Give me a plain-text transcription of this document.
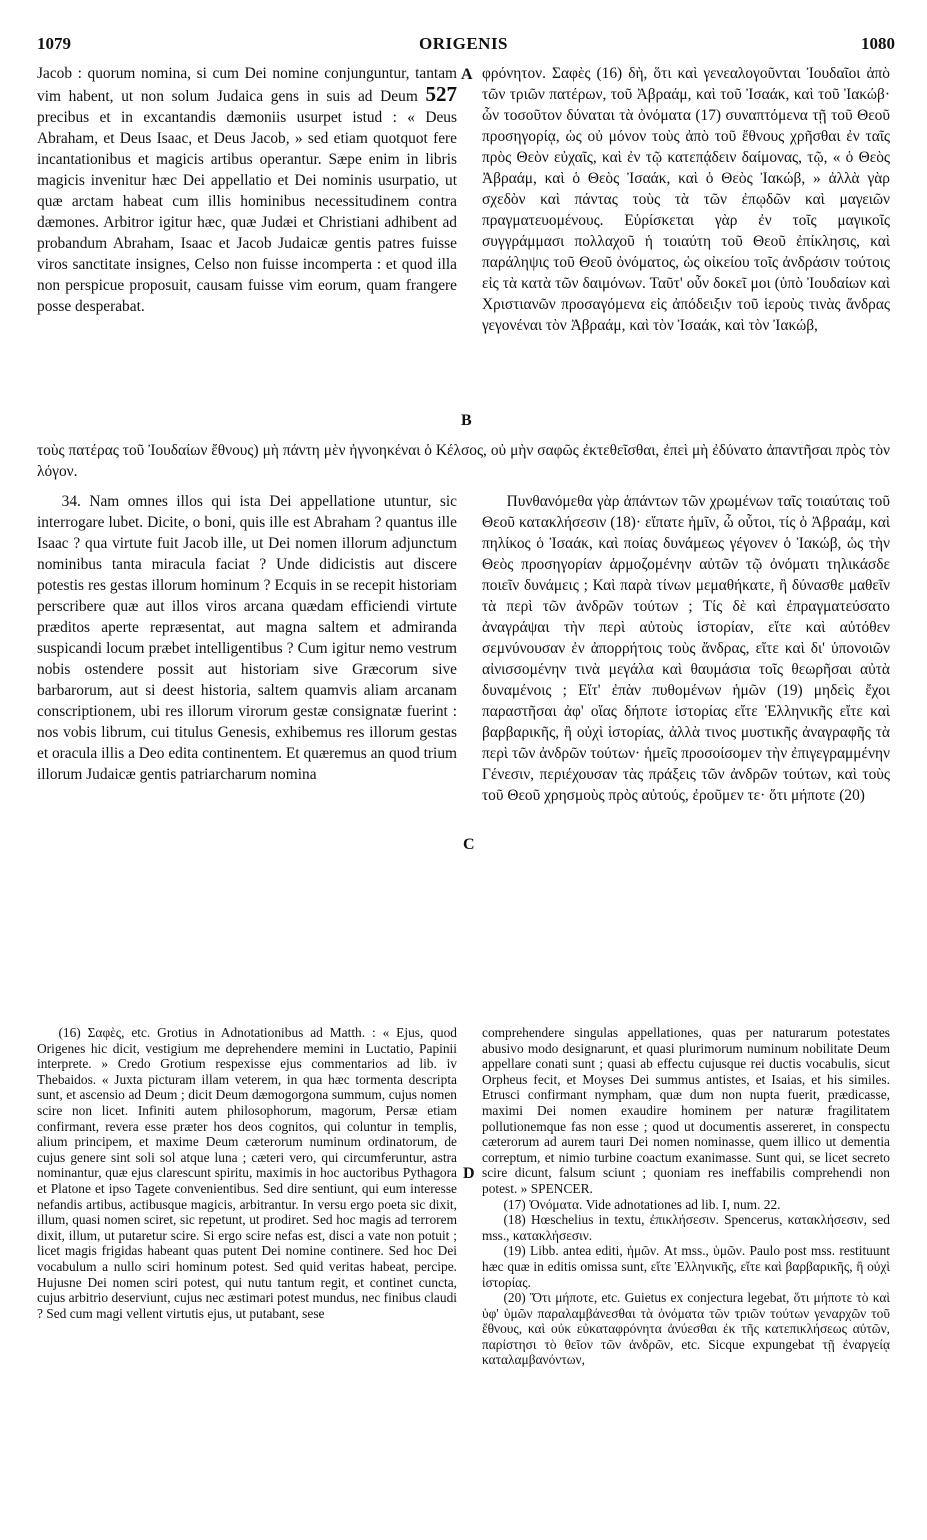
ORIGENIS
1079	1080

Jacob : quorum nomina, si cum Dei nomine conjunguntur, tantam vim habent, ut non solum Judaica gens in suis ad Deum 527 precibus et in excantandis dæmoniis usurpet istud : « Deus Abraham, et Deus Isaac, et Deus Jacob, » sed etiam quotquot fere incantationibus et magicis artibus operantur. Sæpe enim in libris magicis invenitur hæc Dei appellatio et Dei nominis usurpatio, ut quæ arctam habeat cum illis hominibus necessitudinem contra dæmones. Arbitror igitur hæc, quæ Judæi et Christiani adhibent ad probandum Abraham, Isaac et Jacob Judaicæ gentis patres fuisse viros sanctitate insignes, Celso non fuisse incomperta : et quod illa non perspicue proposuit, causam fuisse vim eorum, quam frangere posse desperabat.

A φρόνητον. Σαφὲς (16) δὴ, ὅτι καὶ γενεαλογοῦνται Ἰουδαῖοι ἀπὸ τῶν τριῶν πατέρων, τοῦ Ἀβραάμ, καὶ τοῦ Ἰσαάκ, καὶ τοῦ Ἰακώβ· ὧν τοσοῦτον δύναται τὰ ὀνόματα (17) συναπτόμενα τῇ τοῦ Θεοῦ προσηγορίᾳ, ὡς οὐ μόνον τοὺς ἀπὸ τοῦ ἔθνους χρῆσθαι ἐν ταῖς πρὸς Θεὸν εὐχαῖς, καὶ ἐν τῷ κατεπᾴδειν δαίμονας, τῷ, « ὁ Θεὸς Ἀβραάμ, καὶ ὁ Θεὸς Ἰσαάκ, καὶ ὁ Θεὸς Ἰακώβ, » ἀλλὰ γὰρ σχεδὸν καὶ πάντας τοὺς τὰ τῶν ἐπῳδῶν καὶ μαγειῶν πραγματευομένους. Εὑρίσκεται γὰρ ἐν τοῖς μαγικοῖς συγγράμμασι πολλαχοῦ ἡ τοιαύτη τοῦ Θεοῦ ἐπίκλησις, καὶ παράληψις τοῦ Θεοῦ ὀνόματος, ὡς οἰκείου τοῖς ἀνδράσιν τούτοις εἰς τὰ κατὰ τῶν δαιμόνων. Ταῦτ' οὖν δοκεῖ μοι (ὑπὸ Ἰουδαίων καὶ Χριστιανῶν προσαγόμενα εἰς ἀπόδειξιν τοῦ ἱεροὺς τινὰς ἄνδρας γεγονέναι τὸν Ἀβραάμ, καὶ τὸν Ἰσαάκ, καὶ τὸν Ἰακώβ,

B

τοὺς πατέρας τοῦ Ἰουδαίων ἔθνους) μὴ πάντη μὲν ἠγνοηκέναι ὁ Κέλσος, οὐ μὴν σαφῶς ἐκτεθεῖσθαι, ἐπεὶ μὴ ἐδύνατο ἀπαντῆσαι πρὸς τὸν λόγον.

34. Nam omnes illos qui ista Dei appellatione utuntur, sic interrogare lubet. Dicite, o boni, quis ille est Abraham ? quantus ille Isaac ? qua virtute fuit Jacob ille, ut Dei nomen illorum adjunctum nominibus tanta miracula faciat ? Unde didicistis aut discere potestis res gestas illorum hominum ? Ecquis in se recepit historiam perscribere quæ aut illos viros arcana quædam efficiendi virtute præditos aperte repræsentat, aut magna saltem et admiranda suspicandi locum præbet intelligentibus ? Cum igitur nemo vestrum nobis ostendere possit aut historiam sive Græcorum sive barbarorum, aut si deest historia, saltem quamvis aliam arcanam conscriptionem, ubi res illorum virorum gestæ consignatæ fuerint : nos vobis librum, cui titulus Genesis, exhibemus res illorum gestas et oracula illis a Deo edita continentem. Et quæremus an quod trium illorum Judaicæ gentis patriarcharum nomina

C

Πυνθανόμεθα γὰρ ἁπάντων τῶν χρωμένων ταῖς τοιαύταις τοῦ Θεοῦ κατακλήσεσιν (18)· εἴπατε ἡμῖν, ὦ οὗτοι, τίς ὁ Ἀβραάμ, καὶ πηλίκος ὁ Ἰσαάκ, καὶ ποίας δυνάμεως γέγονεν ὁ Ἰακώβ, ὡς τὴν Θεὸς προσηγορίαν ἁρμοζομένην αὐτῶν τῷ ὀνόματι τηλικάσδε ποιεῖν δυνάμεις ; Καὶ παρὰ τίνων μεμαθήκατε, ἢ δύνασθε μαθεῖν τὰ περὶ τῶν ἀνδρῶν τούτων ; Τίς δὲ καὶ ἐπραγματεύσατο ἀναγράψαι τὴν περὶ αὐτοὺς ἱστορίαν, εἴτε καὶ αὐτόθεν σεμνύνουσαν ἐν ἀπορρήτοις τοὺς ἄνδρας, εἴτε καὶ δι' ὑπονοιῶν αἰνισσομένην τινὰ μεγάλα καὶ θαυμάσια τοῖς θεωρῆσαι αὐτὰ δυναμένοις ; Εἴτ' ἐπὰν πυθομένων ἡμῶν (19) μηδεὶς ἔχοι παραστῆσαι ἀφ' οἵας δήποτε ἱστορίας εἴτε Ἑλληνικῆς εἴτε καὶ βαρβαρικῆς, ἢ οὐχὶ ἱστορίας, ἀλλὰ τινος μυστικῆς ἀναγραφῆς τὰ περὶ τῶν ἀνδρῶν τούτων· ἡμεῖς προσοίσομεν τὴν ἐπιγεγραμμένην Γένεσιν, περιέχουσαν τὰς πράξεις τῶν ἀνδρῶν τούτων, καὶ τοὺς τοῦ Θεοῦ χρησμοὺς πρὸς αὐτούς, ἐροῦμεν τε· ὅτι μήποτε (20)

(16) Σαφὲς, etc. Grotius in Adnotationibus ad Matth. : « Ejus, quod Origenes hic dicit, vestigium me deprehendere memini in Luctatio, Papinii interprete. » Credo Grotium respexisse ejus commentarios ad lib. iv Thebaidos. « Juxta picturam illam veterem, in qua hæc tormenta descripta sunt, et ascensio ad Deum ; dicit Deum dæmogorgona summum, cujus nomen scire non licet. Infiniti autem philosophorum, magorum, Persæ etiam confirmant, revera esse præter hos deos cognitos, qui coluntur in templis, alium principem, et maxime Deum cæterorum numinum ordinatorum, de cujus genere sint soli sol atque luna ; cæteri vero, qui circumferuntur, astra nominantur, quæ ejus clarescunt spiritu, maximis in hoc auctoribus Pythagora et Platone et ipso Tagete convenientibus. Sed dire sentiunt, qui eum interesse nefandis artibus, actibusque magicis, arbitrantur. In versu ergo poeta sic dixit, illum, quasi nomen sciret, sic repetunt, ut prodiret. Sed hoc magis ad terrorem dixit, illum, ut putaretur scire. Si ergo scire nefas est, disci a vate non potuit ; licet magis frigidas habeant quas putent Dei nomine continere. Sed hoc Dei vocabulum a nullo sciri hominum potest. Sed quid veritas habeat, percipe. Hujusne Dei nomen sciri potest, qui nutu tantum regit, et continet cuncta, cujus arbitrio deserviunt, cujus nec æstimari potest mundus, nec finibus claudi ? Sed cum magi vellent virtutis ejus, ut putabant, sese

D

comprehendere singulas appellationes, quas per naturarum potestates abusivo modo designarunt, et quasi plurimorum numinum nobilitate Deum appellare conati sunt ; quasi ab effectu cujusque rei ductis vocabulis, sicut Orpheus fecit, et Moyses Dei summus antistes, et Isaias, et his similes. Etrusci confirmant nympham, quæ dum non nupta fuerit, prædicasse, maximi Dei nomen exaudire hominem per naturæ fragilitatem pollutionemque fas non esse ; quod ut documentis assereret, in conspectu cæterorum ad aurem tauri Dei nomen nominasse, quem illico ut dementia correptum, et nimio turbine coactum exanimasse. Sunt qui, se licet secreto scire dicunt, falsum sciunt ; quoniam res ineffabilis comprehendi non potest. » SPENCER.

(17) Ὀνόματα. Vide adnotationes ad lib. I, num. 22.

(18) Hœschelius in textu, ἐπικλήσεσιν. Spencerus, κατακλήσεσιν, sed mss., κατακλήσεσιν.

(19) Libb. antea editi, ἡμῶν. At mss., ὑμῶν. Paulo post mss. restituunt hæc quæ in editis omissa sunt, εἴτε Ἑλληνικῆς, εἴτε καὶ βαρβαρικῆς, ἢ οὐχὶ ἱστορίας.

(20) Ὅτι μήποτε, etc. Guietus ex conjectura legebat, ὅτι μήποτε τὸ καὶ ὑφ' ὑμῶν παραλαμβάνεσθαι τὰ ὀνόματα τῶν τριῶν τούτων γεναρχῶν τοῦ ἔθνους, καὶ οὐκ εὐκαταφρόνητα ἀνύεσθαι ἐκ τῆς κατεπικλήσεως αὐτῶν, παρίστησι τὸ θεῖον τῶν ἀνδρῶν, etc. Sicque expungebat τῇ ἐναργείᾳ καταλαμβανόντων,
